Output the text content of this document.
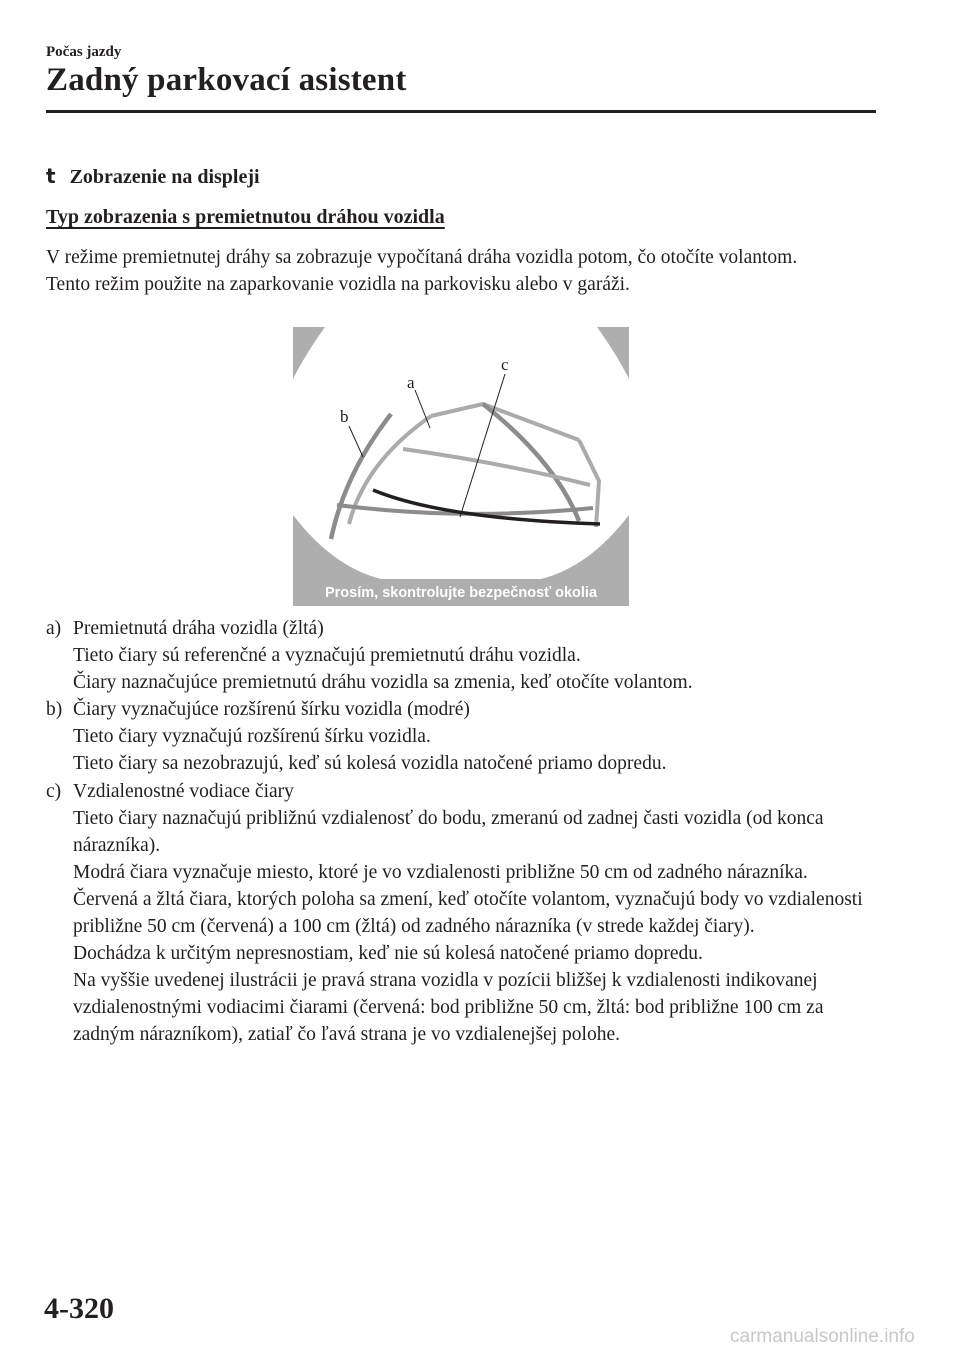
Počas jazdy
Zadný parkovací asistent
t Zobrazenie na displeji
Typ zobrazenia s premietnutou dráhou vozidla

V režime premietnutej dráhy sa zobrazuje vypočítaná dráha vozidla potom, čo otočíte volantom.

Tento režim použite na zaparkovanie vozidla na parkovisku alebo v garáži.

Prosím, skontrolujte bezpečnosť okolia
a
b
c
a) Premietnutá dráha vozidla (žltá)
Tieto čiary sú referenčné a vyznačujú premietnutú dráhu vozidla.
Čiary naznačujúce premietnutú dráhu vozidla sa zmenia, keď otočíte volantom.
b) Čiary vyznačujúce rozšírenú šírku vozidla (modré)
Tieto čiary vyznačujú rozšírenú šírku vozidla.
Tieto čiary sa nezobrazujú, keď sú kolesá vozidla natočené priamo dopredu.
c) Vzdialenostné vodiace čiary
Tieto čiary naznačujú približnú vzdialenosť do bodu, zmeranú od zadnej časti vozidla (od konca nárazníka).
Modrá čiara vyznačuje miesto, ktoré je vo vzdialenosti približne 50 cm od zadného nárazníka.
Červená a žltá čiara, ktorých poloha sa zmení, keď otočíte volantom, vyznačujú body vo vzdialenosti približne 50 cm (červená) a 100 cm (žltá) od zadného nárazníka (v strede každej čiary).
Dochádza k určitým nepresnostiam, keď nie sú kolesá natočené priamo dopredu.
Na vyššie uvedenej ilustrácii je pravá strana vozidla v pozícii bližšej k vzdialenosti indikovanej vzdialenostnými vodiacimi čiarami (červená: bod približne 50 cm, žltá: bod približne 100 cm za zadným nárazníkom), zatiaľ čo ľavá strana je vo vzdialenejšej polohe.
4-320
carmanualsonline.info
